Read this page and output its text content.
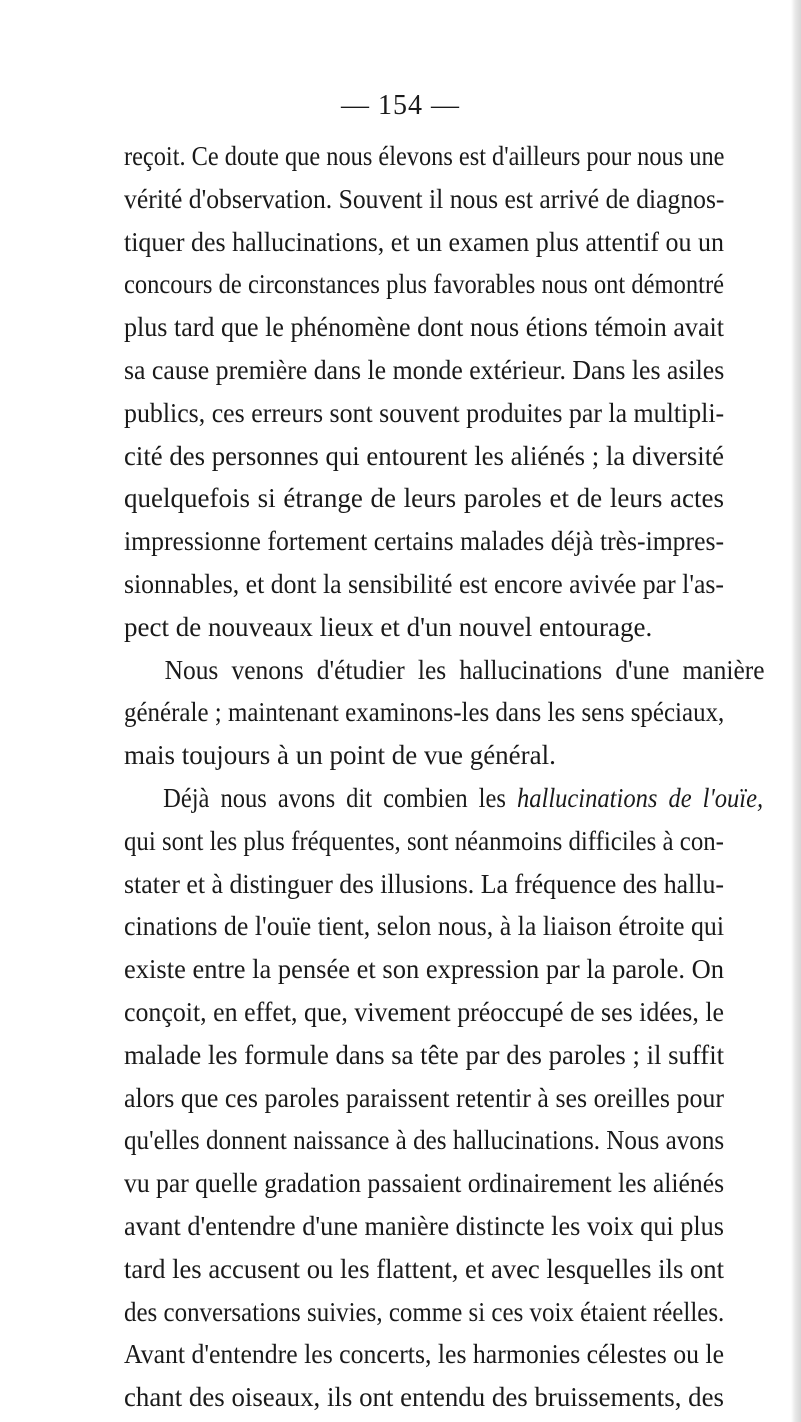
— 154 —
reçoit. Ce doute que nous élevons est d'ailleurs pour nous une
vérité d'observation. Souvent il nous est arrivé de diagnos-
tiquer des hallucinations, et un examen plus attentif ou un
concours de circonstances plus favorables nous ont démontré
plus tard que le phénomène dont nous étions témoin avait
sa cause première dans le monde extérieur. Dans les asiles
publics, ces erreurs sont souvent produites par la multipli-
cité des personnes qui entourent les aliénés ; la diversité
quelquefois si étrange de leurs paroles et de leurs actes
impressionne fortement certains malades déjà très-impres-
sionnables, et dont la sensibilité est encore avivée par l'as-
pect de nouveaux lieux et d'un nouvel entourage.
Nous venons d'étudier les hallucinations d'une manière
générale ; maintenant examinons-les dans les sens spéciaux,
mais toujours à un point de vue général.
Déjà nous avons dit combien les hallucinations de l'ouïe,
qui sont les plus fréquentes, sont néanmoins difficiles à con-
stater et à distinguer des illusions. La fréquence des hallu-
cinations de l'ouïe tient, selon nous, à la liaison étroite qui
existe entre la pensée et son expression par la parole. On
conçoit, en effet, que, vivement préoccupé de ses idées, le
malade les formule dans sa tête par des paroles ; il suffit
alors que ces paroles paraissent retentir à ses oreilles pour
qu'elles donnent naissance à des hallucinations. Nous avons
vu par quelle gradation passaient ordinairement les aliénés
avant d'entendre d'une manière distincte les voix qui plus
tard les accusent ou les flattent, et avec lesquelles ils ont
des conversations suivies, comme si ces voix étaient réelles.
Avant d'entendre les concerts, les harmonies célestes ou le
chant des oiseaux, ils ont entendu des bruissements, des
